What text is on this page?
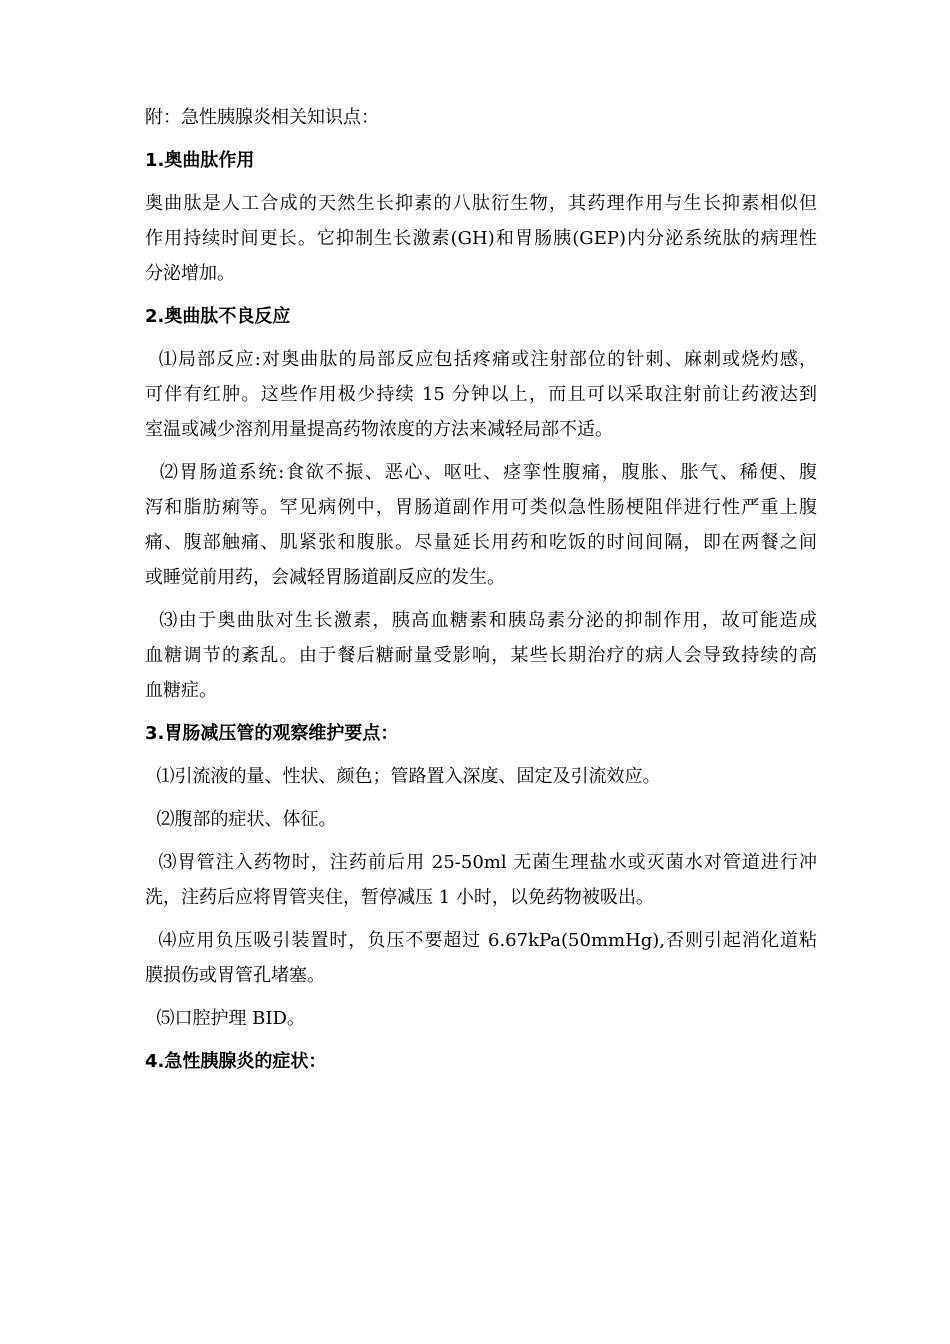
附：急性胰腺炎相关知识点：

1.奥曲肽作用

奥曲肽是人工合成的天然生长抑素的八肽衍生物，其药理作用与生长抑素相似但

作用持续时间更长。它抑制生长激素(GH)和胃肠胰(GEP)内分泌系统肽的病理性

分泌增加。

2.奥曲肽不良反应

⑴局部反应:对奥曲肽的局部反应包括疼痛或注射部位的针刺、麻刺或烧灼感，

可伴有红肿。这些作用极少持续 15 分钟以上，而且可以采取注射前让药液达到

室温或减少溶剂用量提高药物浓度的方法来减轻局部不适。

⑵胃肠道系统:食欲不振、恶心、呕吐、痉挛性腹痛，腹胀、胀气、稀便、腹

泻和脂肪痢等。罕见病例中，胃肠道副作用可类似急性肠梗阻伴进行性严重上腹

痛、腹部触痛、肌紧张和腹胀。尽量延长用药和吃饭的时间间隔，即在两餐之间

或睡觉前用药，会减轻胃肠道副反应的发生。

⑶由于奥曲肽对生长激素，胰高血糖素和胰岛素分泌的抑制作用，故可能造成

血糖调节的紊乱。由于餐后糖耐量受影响，某些长期治疗的病人会导致持续的高

血糖症。

3.胃肠减压管的观察维护要点：

⑴引流液的量、性状、颜色；管路置入深度、固定及引流效应。

⑵腹部的症状、体征。

⑶胃管注入药物时，注药前后用 25-50ml 无菌生理盐水或灭菌水对管道进行冲

洗，注药后应将胃管夹住，暂停减压 1 小时，以免药物被吸出。

⑷应用负压吸引装置时，负压不要超过 6.67kPa(50mmHg),否则引起消化道粘

膜损伤或胃管孔堵塞。

⑸口腔护理 BID。

4.急性胰腺炎的症状：
